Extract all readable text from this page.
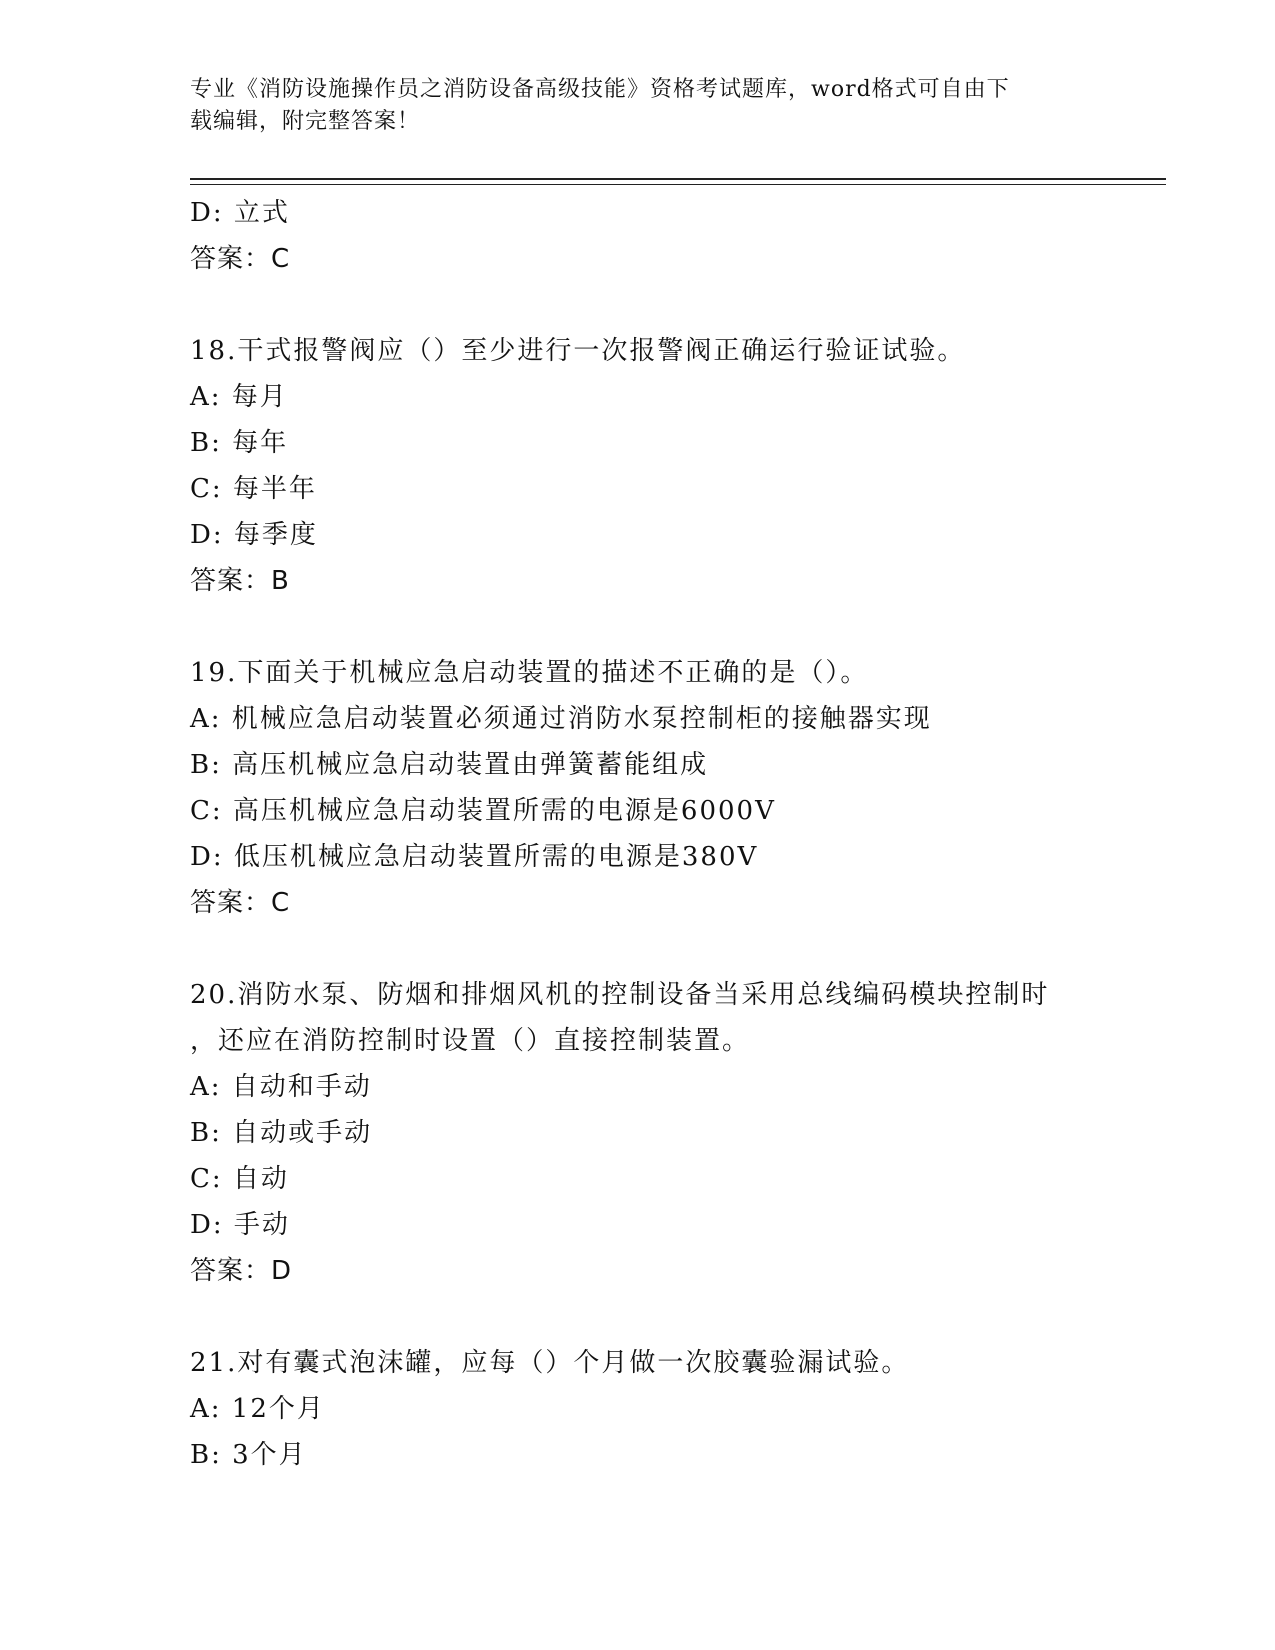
专业《消防设施操作员之消防设备高级技能》资格考试题库，word格式可自由下
载编辑，附完整答案！
D: 立式
答案：C
18.干式报警阀应（）至少进行一次报警阀正确运行验证试验。
A: 每月
B: 每年
C: 每半年
D: 每季度
答案：B
19.下面关于机械应急启动装置的描述不正确的是（）。
A: 机械应急启动装置必须通过消防水泵控制柜的接触器实现
B: 高压机械应急启动装置由弹簧蓄能组成
C: 高压机械应急启动装置所需的电源是6000V
D: 低压机械应急启动装置所需的电源是380V
答案：C
20.消防水泵、防烟和排烟风机的控制设备当采用总线编码模块控制时
，还应在消防控制时设置（）直接控制装置。
A: 自动和手动
B: 自动或手动
C: 自动
D: 手动
答案：D
21.对有囊式泡沫罐，应每（）个月做一次胶囊验漏试验。
A: 12个月
B: 3个月
